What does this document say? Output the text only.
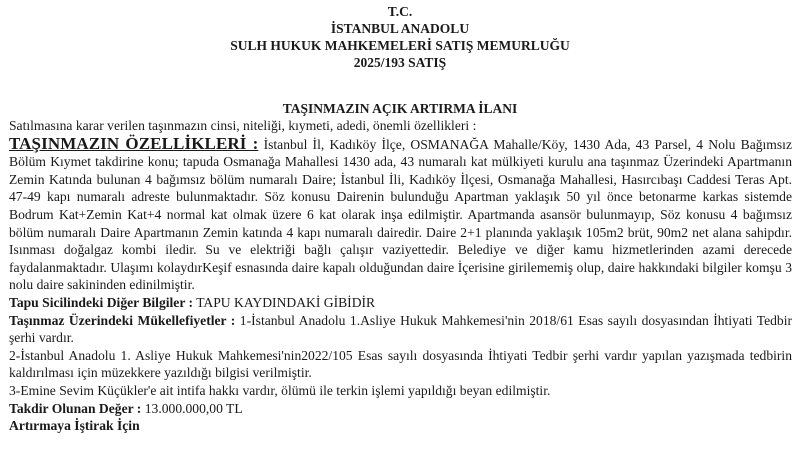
T.C.
İSTANBUL ANADOLU
SULH HUKUK MAHKEMELERİ SATIŞ MEMURLUĞU
2025/193 SATIŞ
TAŞINMAZIN AÇIK ARTIRMA İLANI

Satılmasına karar verilen taşınmazın cinsi, niteliği, kıymeti, adedi, önemli özellikleri :

TAŞINMAZIN ÖZELLİKLERİ : İstanbul İl, Kadıköy İlçe, OSMANAĞA Mahalle/Köy, 1430 Ada, 43 Parsel, 4 Nolu Bağımsız Bölüm Kıymet takdirine konu; tapuda Osmanağa Mahallesi 1430 ada, 43 numaralı kat mülkiyeti kurulu ana taşınmaz Üzerindeki Apartmanın Zemin Katında bulunan 4 bağımsız bölüm numaralı Daire; İstanbul İli, Kadıköy İlçesi, Osmanağa Mahallesi, Hasırcıbaşı Caddesi Teras Apt. 47-49 kapı numaralı adreste bulunmaktadır. Söz konusu Dairenin bulunduğu Apartman yaklaşık 50 yıl önce betonarme karkas sistemde Bodrum Kat+Zemin Kat+4 normal kat olmak üzere 6 kat olarak inşa edilmiştir. Apartmanda asansör bulunmayıp, Söz konusu 4 bağımsız bölüm numaralı Daire Apartmanın Zemin katında 4 kapı numaralı dairedir. Daire 2+1 planında yaklaşık 105m2 brüt, 90m2 net alana sahipdır. Isınması doğalgaz kombi iledir. Su ve elektriği bağlı çalışır vaziyettedir. Belediye ve diğer kamu hizmetlerinden azami derecede faydalanmaktadır. Ulaşımı kolaydırKeşif esnasında daire kapalı olduğundan daire İçerisine girilememiş olup, daire hakkındaki bilgiler komşu 3 nolu daire sakininden edinilmiştir.

Tapu Sicilindeki Diğer Bilgiler : TAPU KAYDINDAKİ GİBİDİR

Taşınmaz Üzerindeki Mükellefiyetler : 1-İstanbul Anadolu 1.Asliye Hukuk Mahkemesi'nin 2018/61 Esas sayılı dosyasından İhtiyati Tedbir şerhi vardır.

2-İstanbul Anadolu 1. Asliye Hukuk Mahkemesi'nin2022/105 Esas sayılı dosyasında İhtiyati Tedbir şerhi vardır yapılan yazışmada tedbirin kaldırılması için müzekkere yazıldığı bilgisi verilmiştir.

3-Emine Sevim Küçükler'e ait intifa hakkı vardır, ölümü ile terkin işlemi yapıldığı beyan edilmiştir.

Takdir Olunan Değer : 13.000.000,00 TL

Artırmaya İştirak İçin
